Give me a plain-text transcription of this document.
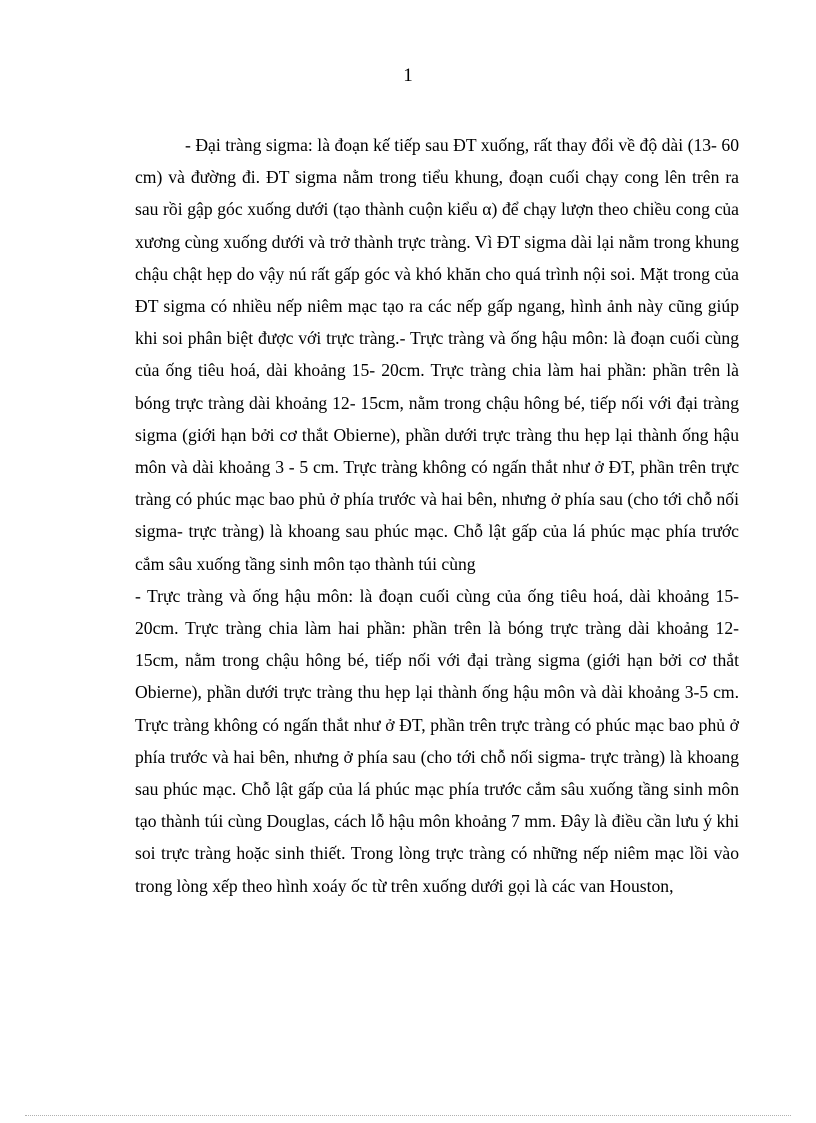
1

- Đại tràng sigma: là đoạn kế tiếp sau ĐT xuống, rất thay đổi về độ dài (13- 60 cm) và đường đi. ĐT sigma nằm trong tiểu khung, đoạn cuối chạy cong lên trên ra sau rồi gập góc xuống dưới (tạo thành cuộn kiểu α) để chạy lượn theo chiều cong của xương cùng xuống dưới và trở thành trực tràng. Vì ĐT sigma dài lại nằm trong khung chậu chật hẹp do vậy nú rất gấp góc và khó khăn cho quá trình nội soi. Mặt trong của ĐT sigma có nhiều nếp niêm mạc tạo ra các nếp gấp ngang, hình ảnh này cũng giúp khi soi phân biệt được với trực tràng.- Trực tràng và ống hậu môn: là đoạn cuối cùng của ống tiêu hoá, dài khoảng 15- 20cm. Trực tràng chia làm hai phần: phần trên là bóng trực tràng dài khoảng 12- 15cm, nằm trong chậu hông bé, tiếp nối với đại tràng sigma (giới hạn bởi cơ thắt Obierne), phần dưới trực tràng thu hẹp lại thành ống hậu môn và dài khoảng 3 - 5 cm. Trực tràng không có ngấn thắt như ở ĐT, phần trên trực tràng có phúc mạc bao phủ ở phía trước và hai bên, nhưng ở phía sau (cho tới chỗ nối sigma- trực tràng) là khoang sau phúc mạc. Chỗ lật gấp của lá phúc mạc phía trước cắm sâu xuống tầng sinh môn tạo thành túi cùng

- Trực tràng và ống hậu môn: là đoạn cuối cùng của ống tiêu hoá, dài khoảng 15- 20cm. Trực tràng chia làm hai phần: phần trên là bóng trực tràng dài khoảng 12- 15cm, nằm trong chậu hông bé, tiếp nối với đại tràng sigma (giới hạn bởi cơ thắt Obierne), phần dưới trực tràng thu hẹp lại thành ống hậu môn và dài khoảng 3-5 cm. Trực tràng không có ngấn thắt như ở ĐT, phần trên trực tràng có phúc mạc bao phủ ở phía trước và hai bên, nhưng ở phía sau (cho tới chỗ nối sigma- trực tràng) là khoang sau phúc mạc. Chỗ lật gấp của lá phúc mạc phía trước cắm sâu xuống tầng sinh môn tạo thành túi cùng Douglas, cách lỗ hậu môn khoảng 7 mm. Đây là điều cần lưu ý khi soi trực tràng hoặc sinh thiết. Trong lòng trực tràng có những nếp niêm mạc lồi vào trong lòng xếp theo hình xoáy ốc từ trên xuống dưới gọi là các van Houston,
